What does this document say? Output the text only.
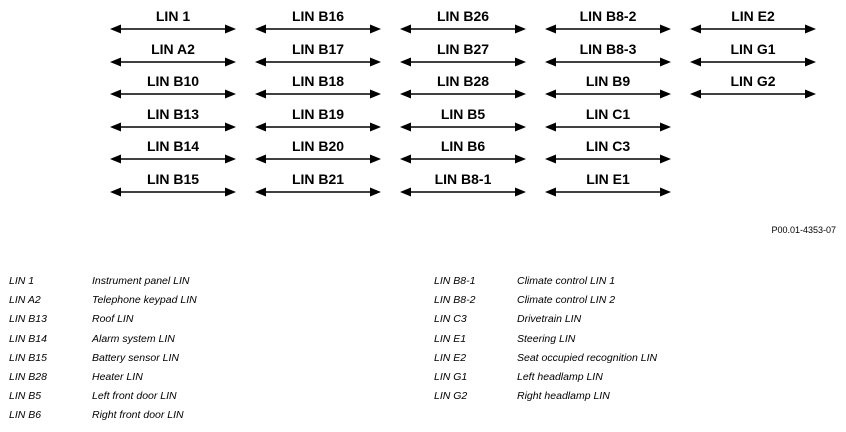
LIN 1
LIN A2
LIN B10
LIN B13
LIN B14
LIN B15
LIN B16
LIN B17
LIN B18
LIN B19
LIN B20
LIN B21
LIN B26
LIN B27
LIN B28
LIN B5
LIN B6
LIN B8-1
LIN B8-2
LIN B8-3
LIN B9
LIN C1
LIN C3
LIN E1
LIN E2
LIN G1
LIN G2
P00.01-4353-07
LIN 1	Instrument panel LIN
LIN A2	Telephone keypad LIN
LIN B13	Roof LIN
LIN B14	Alarm system LIN
LIN B15	Battery sensor LIN
LIN B28	Heater LIN
LIN B5	Left front door LIN
LIN B6	Right front door LIN
LIN B8-1	Climate control LIN 1
LIN B8-2	Climate control LIN 2
LIN C3	Drivetrain LIN
LIN E1	Steering LIN
LIN E2	Seat occupied recognition LIN
LIN G1	Left headlamp LIN
LIN G2	Right headlamp LIN
